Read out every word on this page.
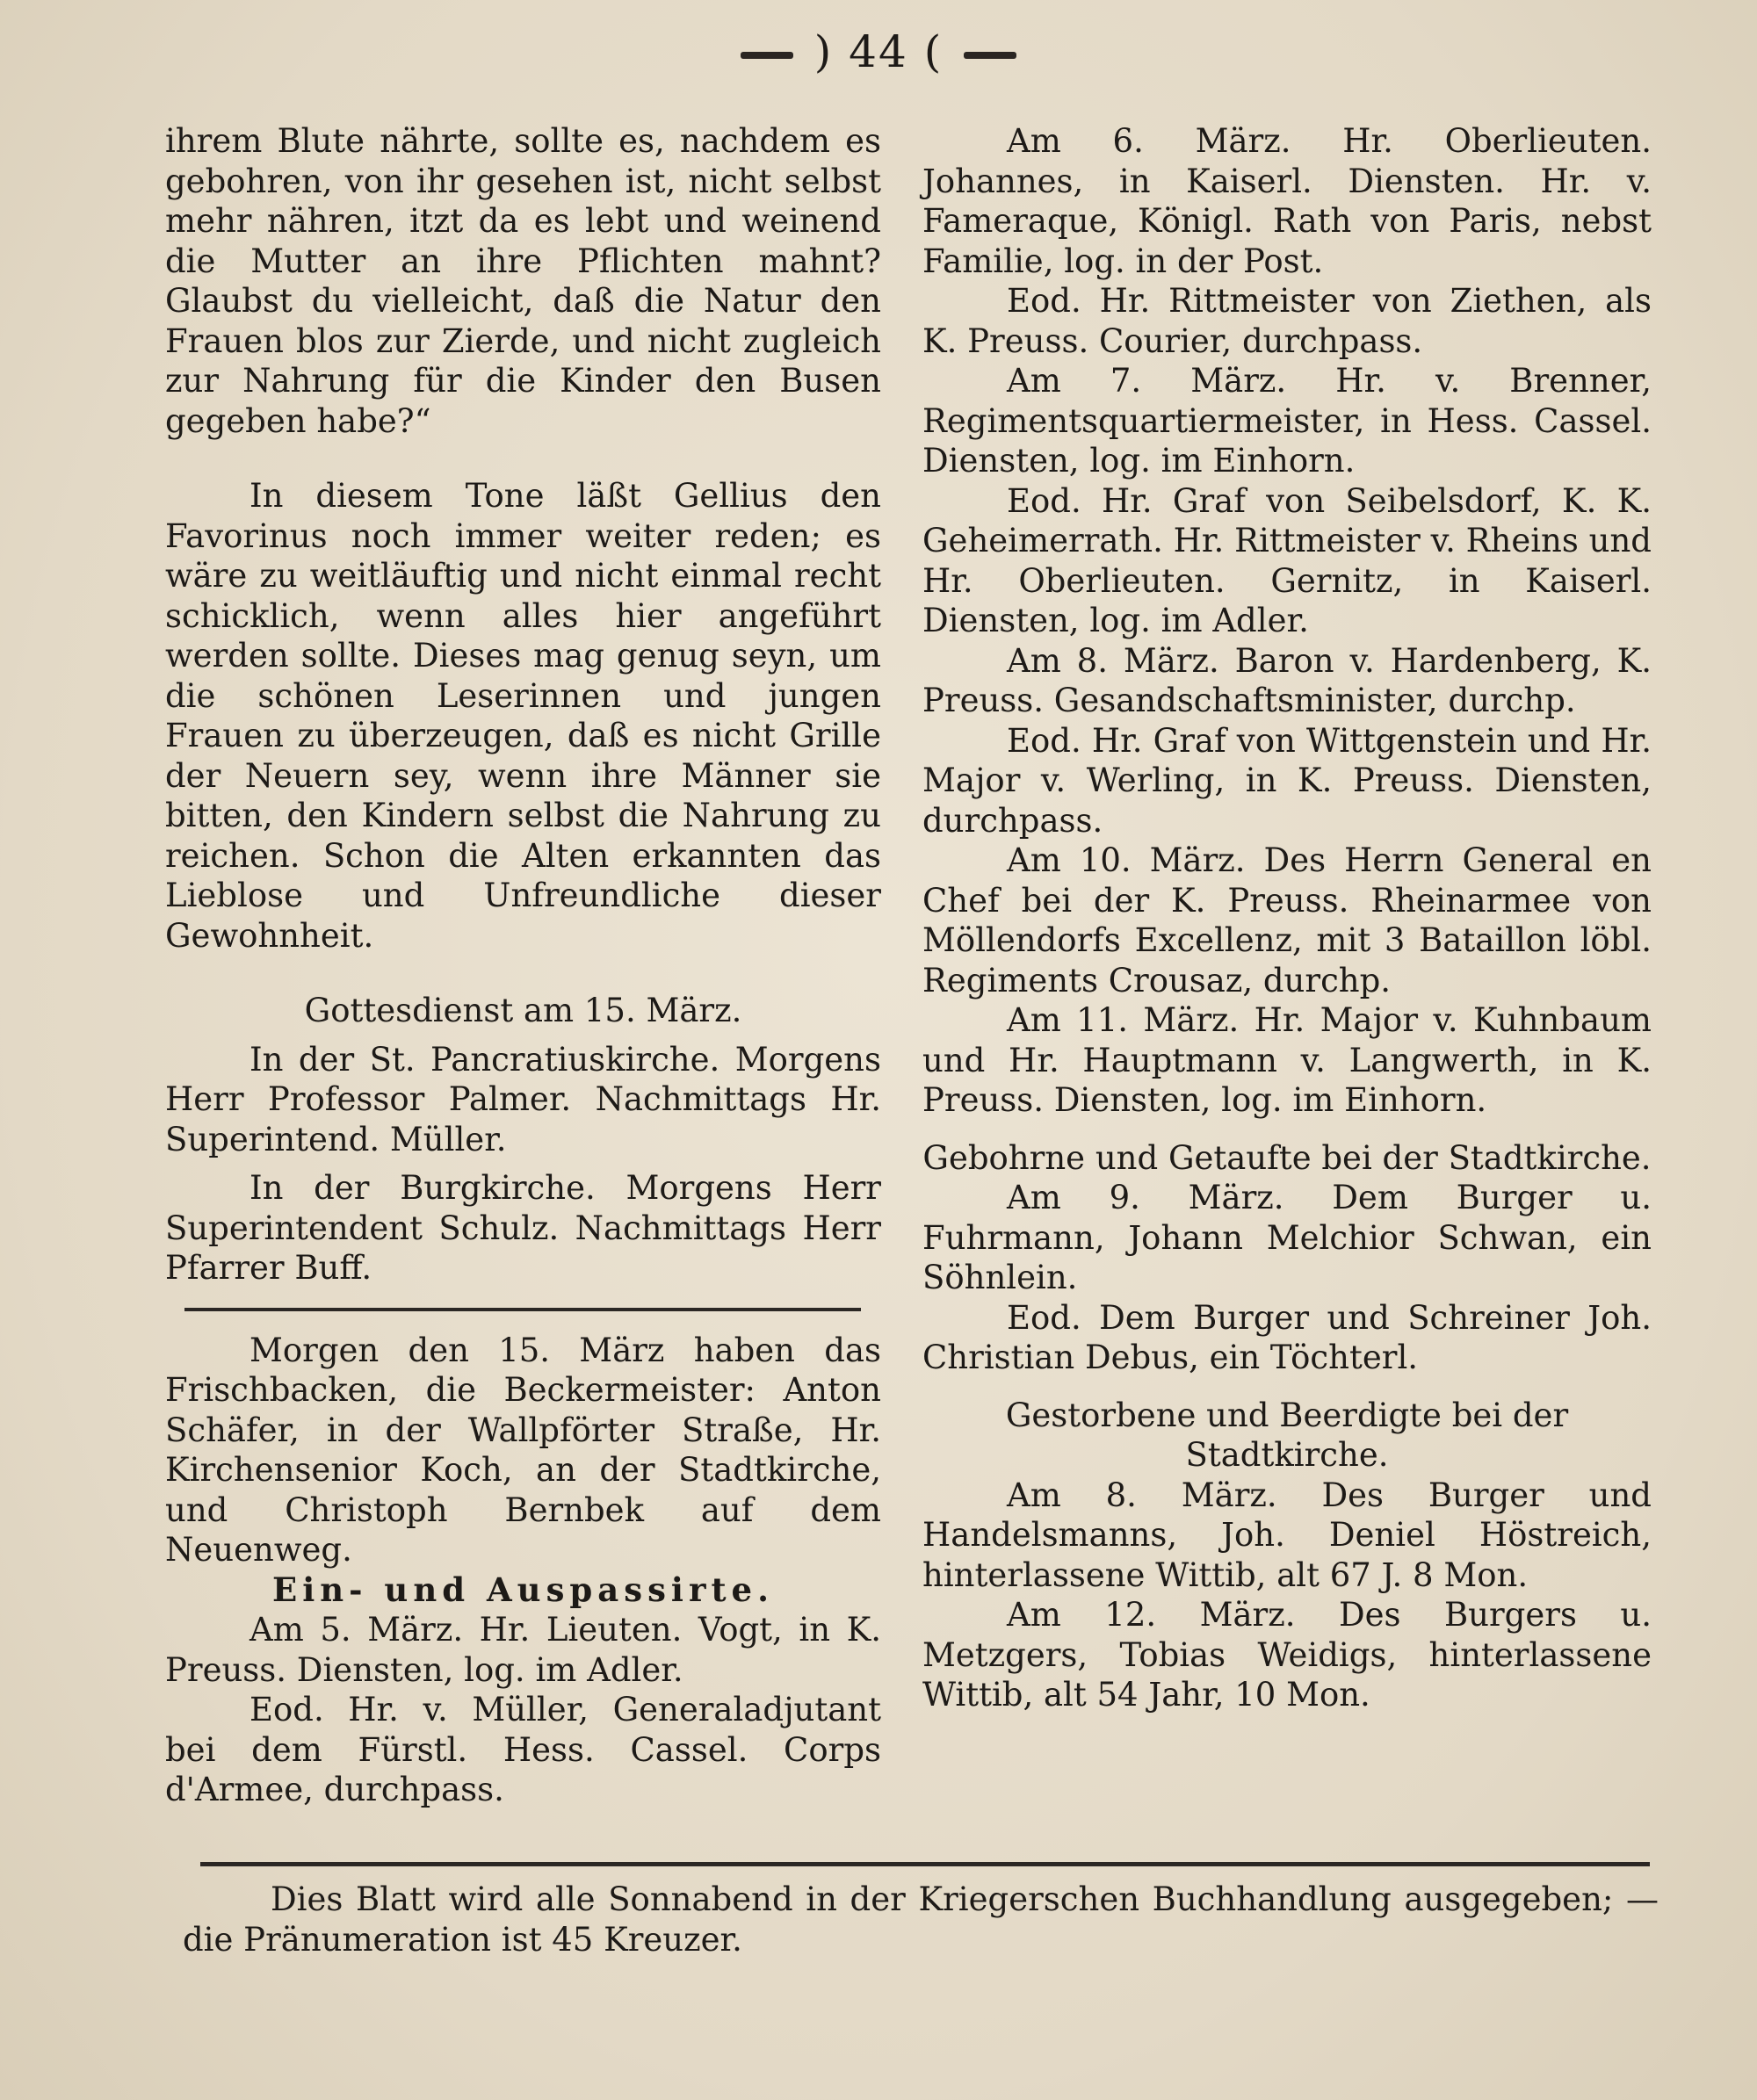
) 44 (

ihrem Blute nährte, sollte es, nachdem es gebohren, von ihr gesehen ist, nicht selbst mehr nähren, itzt da es lebt und weinend die Mutter an ihre Pflichten mahnt? Glaubst du vielleicht, daß die Natur den Frauen blos zur Zierde, und nicht zugleich zur Nahrung für die Kinder den Busen gegeben habe?“

In diesem Tone läßt Gellius den Favorinus noch immer weiter reden; es wäre zu weitläuftig und nicht einmal recht schicklich, wenn alles hier angeführt werden sollte. Dieses mag genug seyn, um die schönen Leserinnen und jungen Frauen zu überzeugen, daß es nicht Grille der Neuern sey, wenn ihre Männer sie bitten, den Kindern selbst die Nahrung zu reichen. Schon die Alten erkannten das Lieblose und Unfreundliche dieser Gewohnheit.

Gottesdienst am 15. März.

In der St. Pancratiuskirche. Morgens Herr Professor Palmer. Nachmittags Hr. Superintend. Müller.

In der Burgkirche. Morgens Herr Superintendent Schulz. Nachmittags Herr Pfarrer Buff.

Morgen den 15. März haben das Frischbacken, die Beckermeister: Anton Schäfer, in der Wallpförter Straße, Hr. Kirchensenior Koch, an der Stadtkirche, und Christoph Bernbek auf dem Neuenweg.

Ein- und Auspassirte.

Am 5. März. Hr. Lieuten. Vogt, in K. Preuss. Diensten, log. im Adler.

Eod. Hr. v. Müller, Generaladjutant bei dem Fürstl. Hess. Cassel. Corps d'Armee, durchpass.

Am 6. März. Hr. Oberlieuten. Johannes, in Kaiserl. Diensten. Hr. v. Fameraque, Königl. Rath von Paris, nebst Familie, log. in der Post.

Eod. Hr. Rittmeister von Ziethen, als K. Preuss. Courier, durchpass.

Am 7. März. Hr. v. Brenner, Regimentsquartiermeister, in Hess. Cassel. Diensten, log. im Einhorn.

Eod. Hr. Graf von Seibelsdorf, K. K. Geheimerrath. Hr. Rittmeister v. Rheins und Hr. Oberlieuten. Gernitz, in Kaiserl. Diensten, log. im Adler.

Am 8. März. Baron v. Hardenberg, K. Preuss. Gesandschaftsminister, durchp.

Eod. Hr. Graf von Wittgenstein und Hr. Major v. Werling, in K. Preuss. Diensten, durchpass.

Am 10. März. Des Herrn General en Chef bei der K. Preuss. Rheinarmee von Möllendorfs Excellenz, mit 3 Bataillon löbl. Regiments Crousaz, durchp.

Am 11. März. Hr. Major v. Kuhnbaum und Hr. Hauptmann v. Langwerth, in K. Preuss. Diensten, log. im Einhorn.

Gebohrne und Getaufte bei der Stadtkirche.

Am 9. März. Dem Burger u. Fuhrmann, Johann Melchior Schwan, ein Söhnlein.

Eod. Dem Burger und Schreiner Joh. Christian Debus, ein Töchterl.

Gestorbene und Beerdigte bei der Stadtkirche.

Am 8. März. Des Burger und Handelsmanns, Joh. Deniel Höstreich, hinterlassene Wittib, alt 67 J. 8 Mon.

Am 12. März. Des Burgers u. Metzgers, Tobias Weidigs, hinterlassene Wittib, alt 54 Jahr, 10 Mon.

Dies Blatt wird alle Sonnabend in der Kriegerschen Buchhandlung ausgegeben; — die Pränumeration ist 45 Kreuzer.
